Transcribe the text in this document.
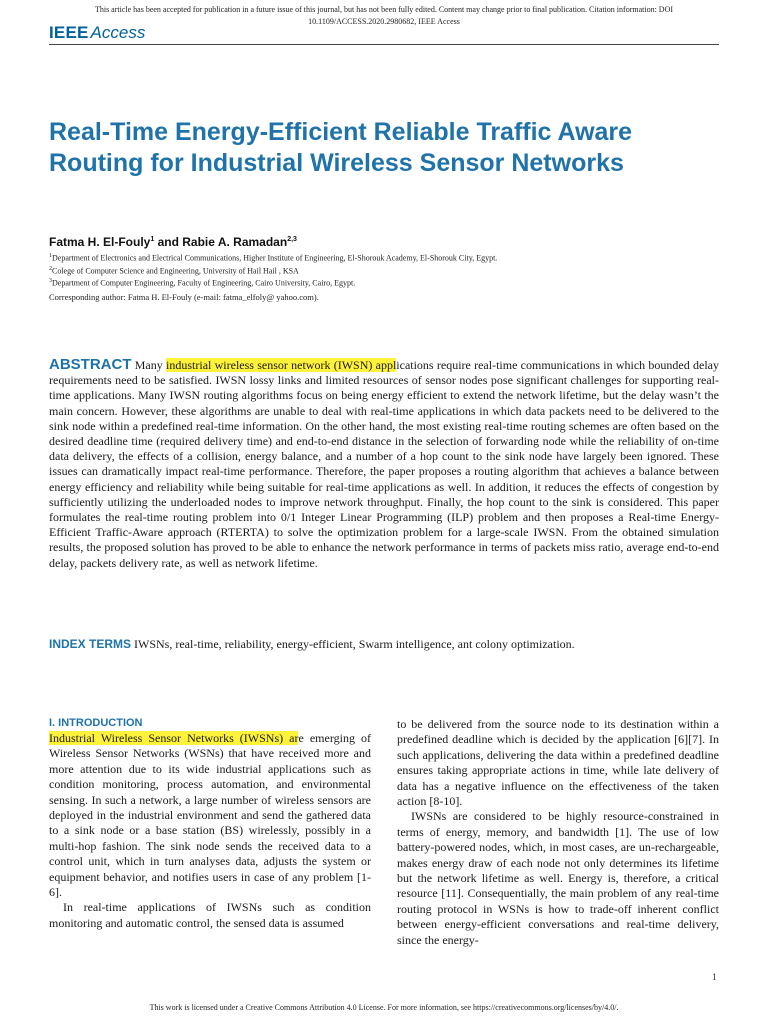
This article has been accepted for publication in a future issue of this journal, but has not been fully edited. Content may change prior to final publication. Citation information: DOI
10.1109/ACCESS.2020.2980682, IEEE Access
IEEE Access
Real-Time Energy-Efficient Reliable Traffic Aware Routing for Industrial Wireless Sensor Networks
Fatma H. El-Fouly$^1$ and Rabie A. Ramadan$^{2,3}$
$^1$Department of Electronics and Electrical Communications, Higher Institute of Engineering, El-Shorouk Academy, El-Shorouk City, Egypt.
$^2$Colege of Computer Science and Engineering, University of Hail Hail , KSA
$^3$Department of Computer Engineering, Faculty of Engineering, Cairo University, Cairo, Egypt.
Corresponding author: Fatma H. El-Fouly (e-mail: fatma_elfoly@ yahoo.com).

ABSTRACT Many industrial wireless sensor network (IWSN) applications require real-time communications in which bounded delay requirements need to be satisfied. IWSN lossy links and limited resources of sensor nodes pose significant challenges for supporting real-time applications. Many IWSN routing algorithms focus on being energy efficient to extend the network lifetime, but the delay wasn’t the main concern. However, these algorithms are unable to deal with real-time applications in which data packets need to be delivered to the sink node within a predefined real-time information. On the other hand, the most existing real-time routing schemes are often based on the desired deadline time (required delivery time) and end-to-end distance in the selection of forwarding node while the reliability of on-time data delivery, the effects of a collision, energy balance, and a number of a hop count to the sink node have largely been ignored. These issues can dramatically impact real-time performance. Therefore, the paper proposes a routing algorithm that achieves a balance between energy efficiency and reliability while being suitable for real-time applications as well. In addition, it reduces the effects of congestion by sufficiently utilizing the underloaded nodes to improve network throughput. Finally, the hop count to the sink is considered. This paper formulates the real-time routing problem into 0/1 Integer Linear Programming (ILP) problem and then proposes a Real-time Energy-Efficient Traffic-Aware approach (RTERTA) to solve the optimization problem for a large-scale IWSN. From the obtained simulation results, the proposed solution has proved to be able to enhance the network performance in terms of packets miss ratio, average end-to-end delay, packets delivery rate, as well as network lifetime.

INDEX TERMS IWSNs, real-time, reliability, energy-efficient, Swarm intelligence, ant colony optimization.

I. INTRODUCTION

Industrial Wireless Sensor Networks (IWSNs) are emerging of Wireless Sensor Networks (WSNs) that have received more and more attention due to its wide industrial applications such as condition monitoring, process automation, and environmental sensing. In such a network, a large number of wireless sensors are deployed in the industrial environment and send the gathered data to a sink node or a base station (BS) wirelessly, possibly in a multi-hop fashion. The sink node sends the received data to a control unit, which in turn analyses data, adjusts the system or equipment behavior, and notifies users in case of any problem [1-6].

In real-time applications of IWSNs such as condition monitoring and automatic control, the sensed data is assumed

to be delivered from the source node to its destination within a predefined deadline which is decided by the application [6][7]. In such applications, delivering the data within a predefined deadline ensures taking appropriate actions in time, while late delivery of data has a negative influence on the effectiveness of the taken action [8-10].

IWSNs are considered to be highly resource-constrained in terms of energy, memory, and bandwidth [1]. The use of low battery-powered nodes, which, in most cases, are un-rechargeable, makes energy draw of each node not only determines its lifetime but the network lifetime as well. Energy is, therefore, a critical resource [11]. Consequentially, the main problem of any real-time routing protocol in WSNs is how to trade-off inherent conflict between energy-efficient conversations and real-time delivery, since the energy-

1
This work is licensed under a Creative Commons Attribution 4.0 License. For more information, see https://creativecommons.org/licenses/by/4.0/.
